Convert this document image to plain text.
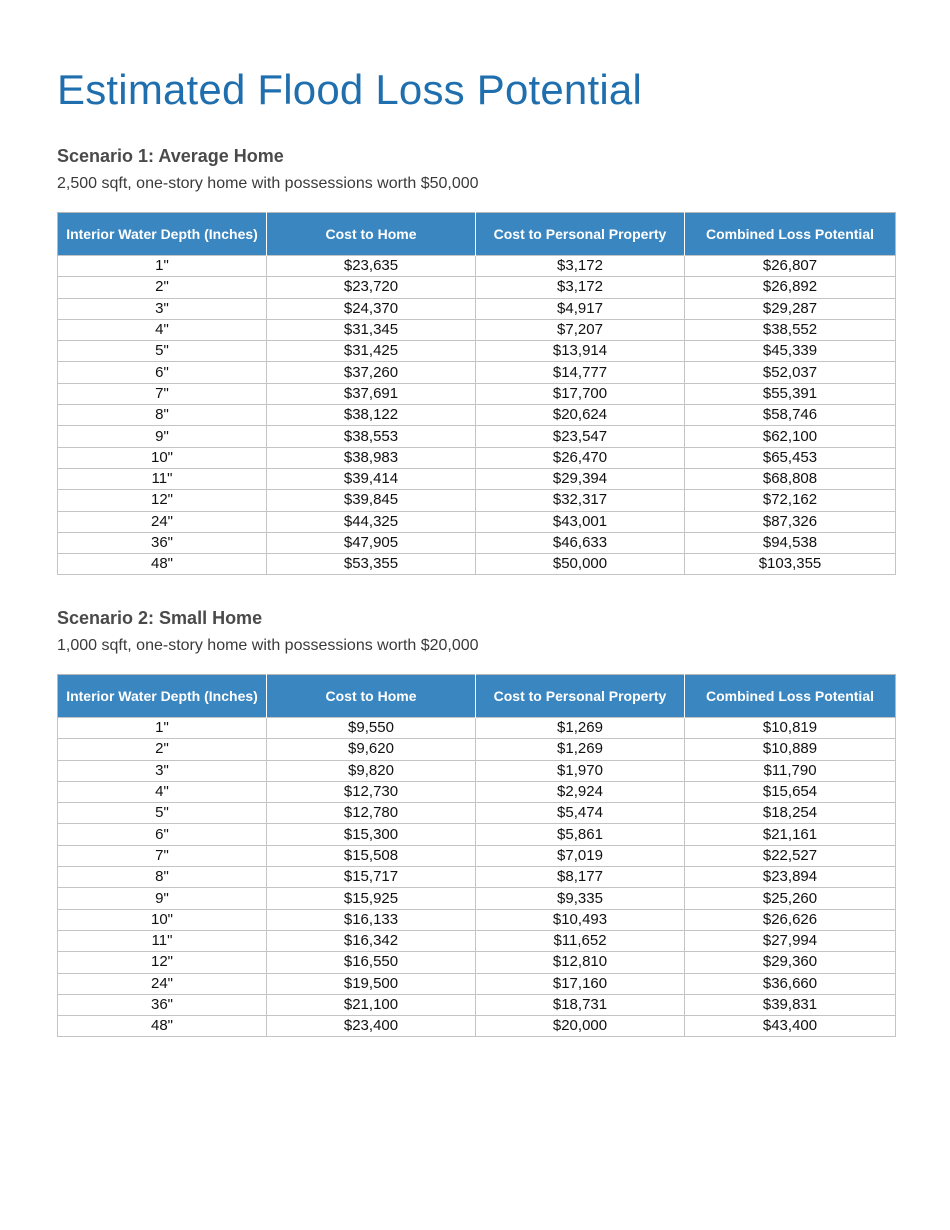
Estimated Flood Loss Potential
Scenario 1: Average Home

2,500 sqft, one-story home with possessions worth $50,000

Interior Water Depth (Inches)	Cost to Home	Cost to Personal Property	Combined Loss Potential
1"	$23,635	$3,172	$26,807
2"	$23,720	$3,172	$26,892
3"	$24,370	$4,917	$29,287
4"	$31,345	$7,207	$38,552
5"	$31,425	$13,914	$45,339
6"	$37,260	$14,777	$52,037
7"	$37,691	$17,700	$55,391
8"	$38,122	$20,624	$58,746
9"	$38,553	$23,547	$62,100
10"	$38,983	$26,470	$65,453
11"	$39,414	$29,394	$68,808
12"	$39,845	$32,317	$72,162
24"	$44,325	$43,001	$87,326
36"	$47,905	$46,633	$94,538
48"	$53,355	$50,000	$103,355
Scenario 2: Small Home

1,000 sqft, one-story home with possessions worth $20,000

Interior Water Depth (Inches)	Cost to Home	Cost to Personal Property	Combined Loss Potential
1"	$9,550	$1,269	$10,819
2"	$9,620	$1,269	$10,889
3"	$9,820	$1,970	$11,790
4"	$12,730	$2,924	$15,654
5"	$12,780	$5,474	$18,254
6"	$15,300	$5,861	$21,161
7"	$15,508	$7,019	$22,527
8"	$15,717	$8,177	$23,894
9"	$15,925	$9,335	$25,260
10"	$16,133	$10,493	$26,626
11"	$16,342	$11,652	$27,994
12"	$16,550	$12,810	$29,360
24"	$19,500	$17,160	$36,660
36"	$21,100	$18,731	$39,831
48"	$23,400	$20,000	$43,400
